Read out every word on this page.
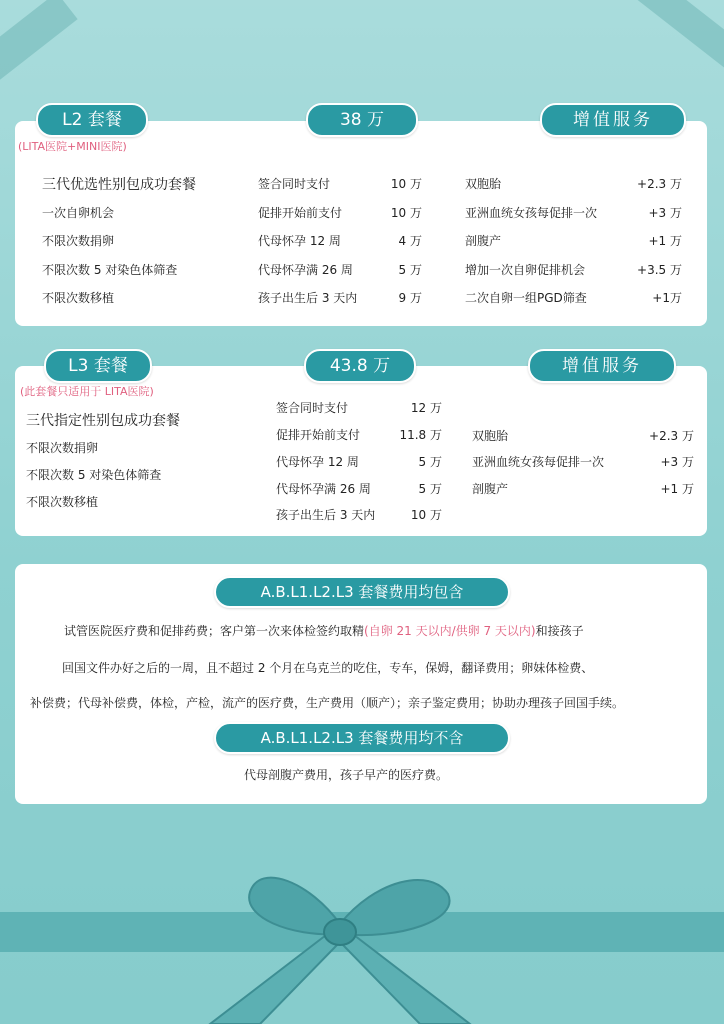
L2 套餐	38 万	增值服务
(LITA医院+MINI医院)
三代优选性别包成功套餐
一次自卵机会
不限次数捐卵
不限次数 5 对染色体筛查
不限次数移植
签合同时支付	10 万
促排开始前支付	10 万
代母怀孕 12 周	4 万
代母怀孕满 26 周	5 万
孩子出生后 3 天内	9 万
双胞胎	+2.3 万
亚洲血统女孩每促排一次	+3 万
剖腹产	+1 万
增加一次自卵促排机会	+3.5 万
二次自卵一组PGD筛查	+1万
L3 套餐	43.8 万	增值服务
(此套餐只适用于 LITA医院)
三代指定性别包成功套餐
不限次数捐卵
不限次数 5 对染色体筛查
不限次数移植
签合同时支付	12 万
促排开始前支付	11.8 万
代母怀孕 12 周	5 万
代母怀孕满 26 周	5 万
孩子出生后 3 天内	10 万
双胞胎	+2.3 万
亚洲血统女孩每促排一次	+3 万
剖腹产	+1 万
A.B.L1.L2.L3 套餐费用均包含
试管医院医疗费和促排药费；客户第一次来体检签约取精(自卵 21 天以内/供卵 7 天以内)和接孩子
回国文件办好之后的一周，且不超过 2 个月在乌克兰的吃住，专车，保姆，翻译费用；卵妹体检费、
补偿费；代母补偿费，体检，产检，流产的医疗费，生产费用（顺产）；亲子鉴定费用；协助办理孩子回国手续。
A.B.L1.L2.L3 套餐费用均不含
代母剖腹产费用，孩子早产的医疗费。
